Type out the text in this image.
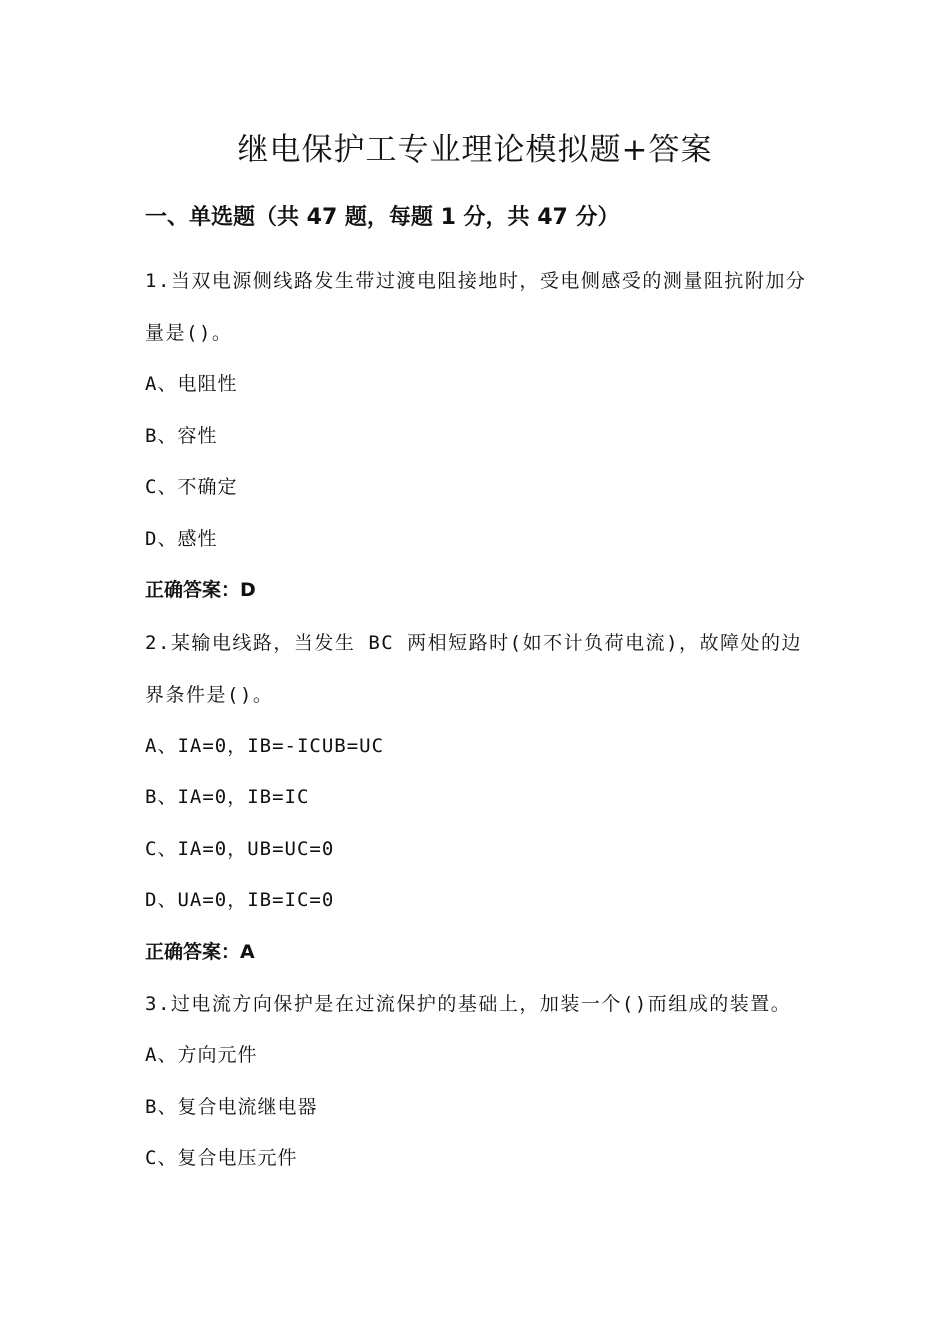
继电保护工专业理论模拟题+答案
一、单选题（共 47 题，每题 1 分，共 47 分）

1.当双电源侧线路发生带过渡电阻接地时，受电侧感受的测量阻抗附加分量是()。

A、电阻性

B、容性

C、不确定

D、感性

正确答案：D

2.某输电线路，当发生 BC 两相短路时(如不计负荷电流)，故障处的边界条件是()。

A、IA=0，IB=-ICUB=UC

B、IA=0，IB=IC

C、IA=0，UB=UC=0

D、UA=0，IB=IC=0

正确答案：A

3.过电流方向保护是在过流保护的基础上，加装一个()而组成的装置。

A、方向元件

B、复合电流继电器

C、复合电压元件
